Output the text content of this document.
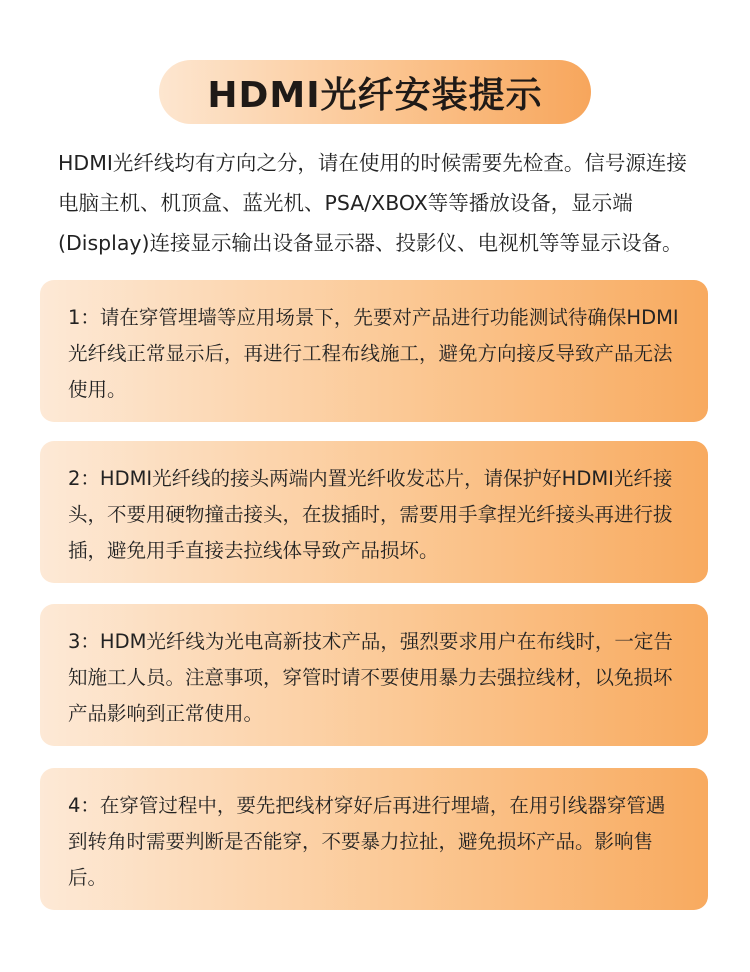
HDMI光纤安装提示

HDMI光纤线均有方向之分，请在使用的时候需要先检查。信号源连接电脑主机、机顶盒、蓝光机、PSA/XBOX等等播放设备，显示端(Display)连接显示输出设备显示器、投影仪、电视机等等显示设备。

1：请在穿管埋墙等应用场景下，先要对产品进行功能测试待确保HDMI光纤线正常显示后，再进行工程布线施工，避免方向接反导致产品无法使用。

2：HDMI光纤线的接头两端内置光纤收发芯片，请保护好HDMI光纤接头，不要用硬物撞击接头，在拔插时，需要用手拿捏光纤接头再进行拔插，避免用手直接去拉线体导致产品损坏。

3：HDM光纤线为光电高新技术产品，强烈要求用户在布线时，一定告知施工人员。注意事项，穿管时请不要使用暴力去强拉线材，以免损坏产品影响到正常使用。

4：在穿管过程中，要先把线材穿好后再进行埋墙，在用引线器穿管遇到转角时需要判断是否能穿，不要暴力拉扯，避免损坏产品。影响售后。
